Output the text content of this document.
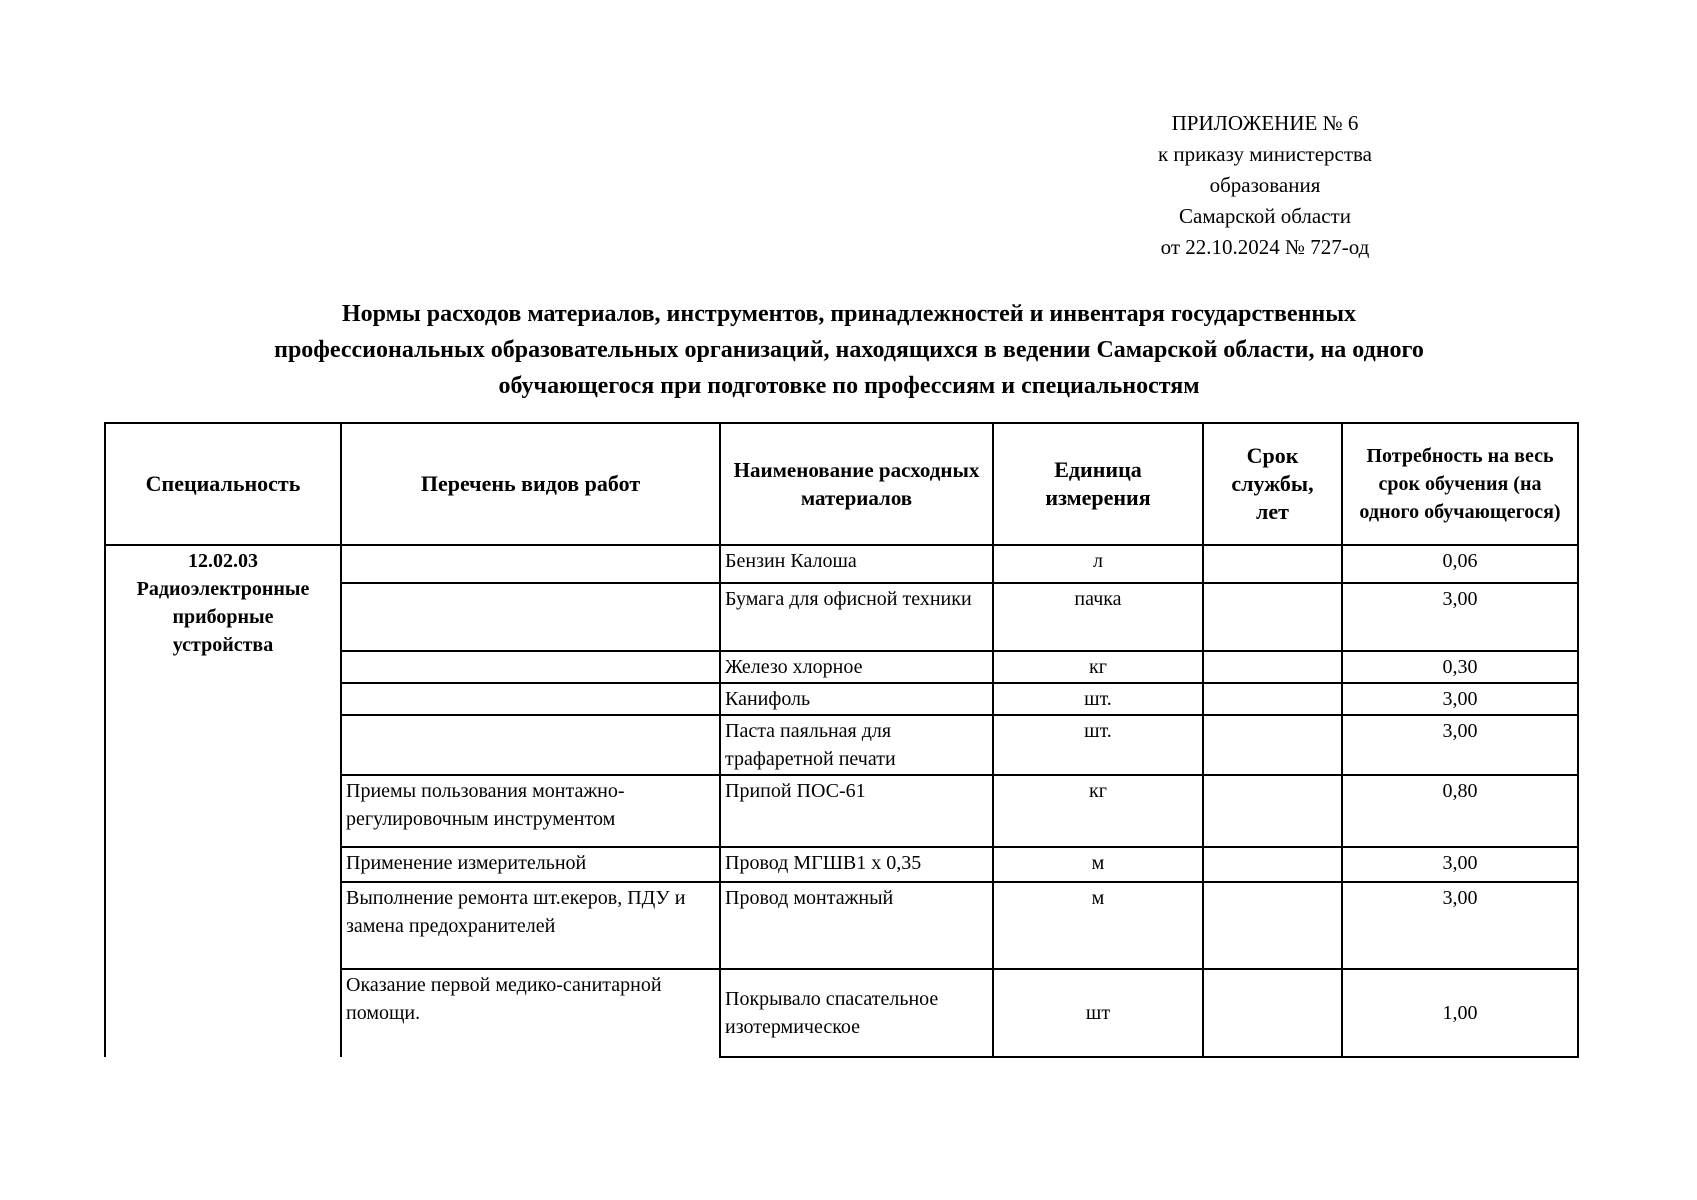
ПРИЛОЖЕНИЕ № 6
к приказу министерства
образования
Самарской области
от 22.10.2024 № 727-од
Нормы расходов материалов, инструментов, принадлежностей и инвентаря государственных
профессиональных образовательных организаций, находящихся в ведении Самарской области, на одного
обучающегося при подготовке по профессиям и специальностям
Специальность	Перечень видов работ	Наименование расходных материалов	Единица измерения	Срок службы, лет	Потребность на весь срок обучения (на одного обучающегося)

12.02.03
Радиоэлектронные
приборные
устройства		Бензин Калоша	л		0,06
		Бумага для офисной техники	пачка		3,00
		Железо хлорное	кг		0,30
		Канифоль	шт.		3,00
		Паста паяльная для трафаретной печати	шт.		3,00
	Приемы пользования монтажно-регулировочным инструментом	Припой ПОС-61	кг		0,80
	Применение измерительной	Провод МГШВ1 х 0,35	м		3,00
	Выполнение ремонта шт.екеров, ПДУ и замена предохранителей	Провод монтажный	м		3,00
	Оказание первой медико-санитарной помощи.	Покрывало спасательное изотермическое	шт		1,00
